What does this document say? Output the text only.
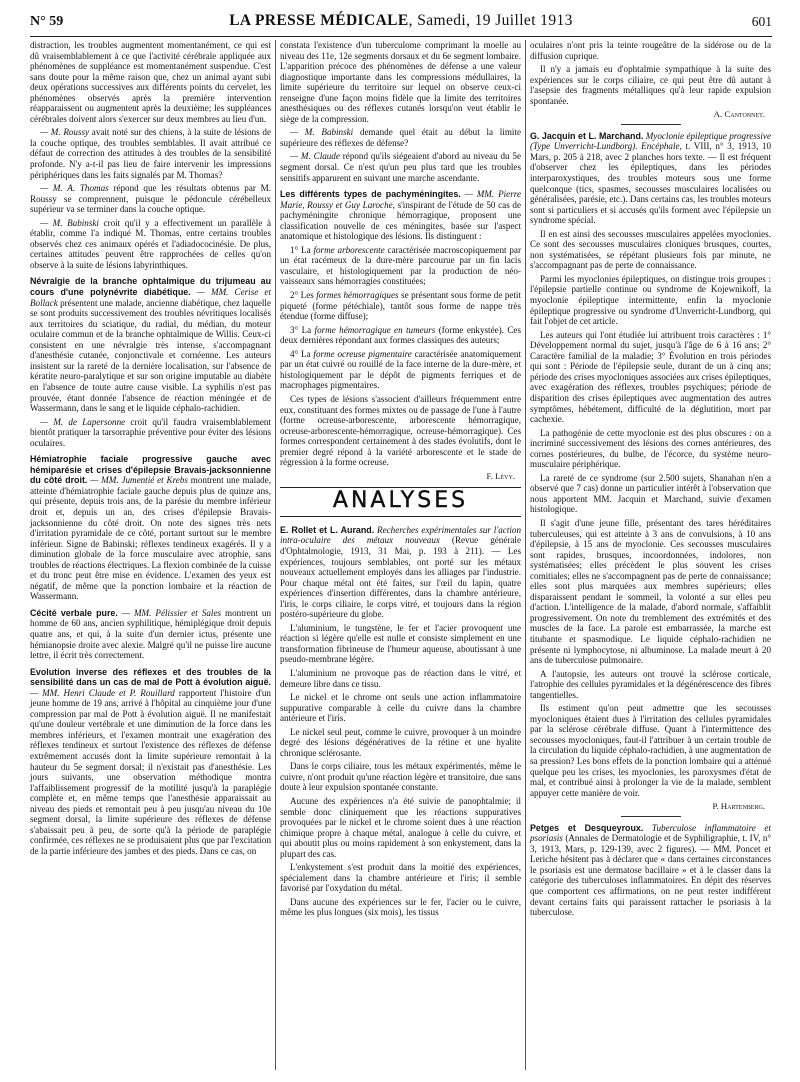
N° 59	LA PRESSE MÉDICALE, Samedi, 19 Juillet 1913	601

distraction, les troubles augmentent momentanément, ce qui est dû vraisemblablement à ce que l'activité cérébrale appliquée aux phénomènes de suppléance est momentanément suspendue. C'est sans doute pour la même raison que, chez un animal ayant subi deux opérations successives aux différents points du cervelet, les phénomènes observés après la première intervention réapparaissent ou augmentent après la deuxième; les suppléances cérébrales doivent alors s'exercer sur deux membres au lieu d'un.

— M. Roussy avait noté sur des chiens, à la suite de lésions de la couche optique, des troubles semblables. Il avait attribué ce défaut de correction des attitudes à des troubles de la sensibilité profonde. N'y a-t-il pas lieu de faire intervenir les impressions périphériques dans les faits signalés par M. Thomas?

— M. A. Thomas répond que les résultats obtenus par M. Roussy se comprennent, puisque le pédoncule cérébelleux supérieur va se terminer dans la couche optique.

— M. Babinski croit qu'il y a effectivement un parallèle à établir, comme l'a indiqué M. Thomas, entre certains troubles observés chez ces animaux opérés et l'adiadococinésie. De plus, certaines attitudes peuvent être rapprochées de celles qu'on observe à la suite de lésions labyrinthiques.

Névralgie de la branche ophtalmique du trijumeau au cours d'une polynévrite diabétique. — MM. Cerise et Bollack présentent une malade, ancienne diabétique, chez laquelle se sont produits successivement des troubles névritiques localisés aux territoires du sciatique, du radial, du médian, du moteur oculaire commun et de la branche ophtalmique de Willis. Ceux-ci consistent en une névralgie très intense, s'accompagnant d'anesthésie cutanée, conjonctivale et cornéenne. Les auteurs insistent sur la rareté de la dernière localisation, sur l'absence de kératite neuro-paralytique et sur son origine imputable au diabète en l'absence de toute autre cause visible. La syphilis n'est pas prouvée, étant donnée l'absence de réaction méningée et de Wassermann, dans le sang et le liquide céphalo-rachidien.

— M. de Lapersonne croit qu'il faudra vraisemblablement bientôt pratiquer la tarsorraphie préventive pour éviter des lésions oculaires.

Hémiatrophie faciale progressive gauche avec hémiparésie et crises d'épilepsie Bravais-jacksonnienne du côté droit. — MM. Jumentié et Krebs montrent une malade, atteinte d'hémiatrophie faciale gauche depuis plus de quinze ans, qui présente, depuis trois ans, de la parésie du membre inférieur droit et, depuis un an, des crises d'épilepsie Bravais-jacksonnienne du côté droit. On note des signes très nets d'irritation pyramidale de ce côté, portant surtout sur le membre inférieur. Signe de Babinski; réflexes tendineux exagérés. Il y a diminution globale de la force musculaire avec atrophie, sans troubles de réactions électriques. La flexion combinée de la cuisse et du tronc peut être mise en évidence. L'examen des yeux est négatif, de même que la ponction lombaire et la réaction de Wassermann.

Cécité verbale pure. — MM. Pélissier et Sales montrent un homme de 60 ans, ancien syphilitique, hémiplégique droit depuis quatre ans, et qui, à la suite d'un dernier ictus, présente une hémianopsie droite avec alexie. Malgré qu'il ne puisse lire aucune lettre, il écrit très correctement.

Evolution inverse des réflexes et des troubles de la sensibilité dans un cas de mal de Pott à évolution aiguë. — MM. Henri Claude et P. Rouillard rapportent l'histoire d'un jeune homme de 19 ans, arrivé à l'hôpital au cinquième jour d'une compression par mal de Pott à évolution aiguë. Il ne manifestait qu'une douleur vertébrale et une diminution de la force dans les membres inférieurs, et l'examen montrait une exagération des réflexes tendineux et surtout l'existence des réflexes de défense extrêmement accusés dont la limite supérieure remontait à la hauteur du 5e segment dorsal; il n'existait pas d'anesthésie. Les jours suivants, une observation méthodique montra l'affaiblissement progressif de la motilité jusqu'à la paraplégie complète et, en même temps que l'anesthésie apparaissait au niveau des pieds et remontait peu à peu jusqu'au niveau du 10e segment dorsal, la limite supérieure des réflexes de défense s'abaissait peu à peu, de sorte qu'à la période de paraplégie confirmée, ces réflexes ne se produisaient plus que par l'excitation de la partie inférieure des jambes et des pieds. Dans ce cas, on

constata l'existence d'un tuberculome comprimant la moelle au niveau des 11e, 12e segments dorsaux et du 6e segment lombaire. L'apparition précoce des phénomènes de défense a une valeur diagnostique importante dans les compressions médullaires, la limite supérieure du territoire sur lequel on observe ceux-ci renseigne d'une façon moins fidèle que la limite des territoires anesthésiques ou des réflexes cutanés lorsqu'on veut établir le siège de la compression.

— M. Babinski demande quel était au début la limite supérieure des réflexes de défense?

— M. Claude répond qu'ils siégeaient d'abord au niveau du 5e segment dorsal. Ce n'est qu'un peu plus tard que les troubles sensitifs apparurent en suivant une marche ascendante.

Les différents types de pachyméningites. — MM. Pierre Marie, Roussy et Guy Laroche, s'inspirant de l'étude de 50 cas de pachyméningite chronique hémorragique, proposent une classification nouvelle de ces méningites, basée sur l'aspect anatomique et histologique des lésions. Ils distinguent :

1° La forme arborescente caractérisée macroscopiquement par un état racémeux de la dure-mère parcourue par un fin lacis vasculaire, et histologiquement par la production de néo-vaisseaux sans hémorragies constituées;

2° Les formes hémorragiques se présentant sous forme de petit piqueté (forme pétéchiale), tantôt sous forme de nappe très étendue (forme diffuse);

3° La forme hémorragique en tumeurs (forme enkystée). Ces deux dernières répondant aux formes classiques des auteurs;

4° La forme ocreuse pigmentaire caractérisée anatomiquement par un état cuivré ou rouillé de la face interne de la dure-mère, et histologiquement par le dépôt de pigments ferriques et de macrophages pigmentaires.

Ces types de lésions s'associent d'ailleurs fréquemment entre eux, constituant des formes mixtes ou de passage de l'une à l'autre (forme ocreuse-arborescente, arborescente hémorragique, ocreuse-arborescente-hémorragique, ocreuse-hémorragique). Ces formes correspondent certainement à des stades évolutifs, dont le premier degré répond à la variété arborescente et le stade de régression à la forme ocreuse.

F. Lévy.
ANALYSES

E. Rollet et L. Aurand. Recherches expérimentales sur l'action intra-oculaire des métaux nouveaux (Revue générale d'Ophtalmologie, 1913, 31 Mai, p. 193 à 211). — Les expériences, toujours semblables, ont porté sur les métaux nouveaux actuellement employés dans les alliages par l'industrie. Pour chaque métal ont été faites, sur l'œil du lapin, quatre expériences d'insertion différentes, dans la chambre antérieure, l'iris, le corps ciliaire, le corps vitré, et toujours dans la région postéro-supérieure du globe.

L'aluminium, le tungstène, le fer et l'acier provoquent une réaction si légère qu'elle est nulle et consiste simplement en une transformation fibrineuse de l'humeur aqueuse, aboutissant à une pseudo-membrane légère.

L'aluminium ne provoque pas de réaction dans le vitré, et demeure libre dans ce tissu.

Le nickel et le chrome ont seuls une action inflammatoire suppurative comparable à celle du cuivre dans la chambre antérieure et l'iris.

Le nickel seul peut, comme le cuivre, provoquer à un moindre degré des lésions dégénératives de la rétine et une hyalite chronique sclérosante.

Dans le corps ciliaire, tous les métaux expérimentés, même le cuivre, n'ont produit qu'une réaction légère et transitoire, due sans doute à leur expulsion spontanée constante.

Aucune des expériences n'a été suivie de panophtalmie; il semble donc cliniquement que les réactions suppuratives provoquées par le nickel et le chrome soient dues à une réaction chimique propre à chaque métal, analogue à celle du cuivre, et qui aboutit plus ou moins rapidement à son enkystement, dans la plupart des cas.

L'enkystement s'est produit dans la moitié des expériences, spécialement dans la chambre antérieure et l'iris; il semble favorisé par l'oxydation du métal.

Dans aucune des expériences sur le fer, l'acier ou le cuivre, même les plus longues (six mois), les tissus

oculaires n'ont pris la teinte rougeâtre de la sidérose ou de la diffusion cuprique.

Il n'y a jamais eu d'ophtalmie sympathique à la suite des expériences sur le corps ciliaire, ce qui peut être dû autant à l'asepsie des fragments métalliques qu'à leur rapide expulsion spontanée.

A. Cantonnet.

G. Jacquin et L. Marchand. Myoclonie épileptique progressive (Type Unverricht-Lundborg). Encéphale, t. VIII, n° 3, 1913, 10 Mars, p. 205 à 218, avec 2 planches hors texte. — Il est fréquent d'observer chez les épileptiques, dans les périodes interparoxystiques, des troubles moteurs sous une forme quelconque (tics, spasmes, secousses musculaires localisées ou généralisées, parésie, etc.). Dans certains cas, les troubles moteurs sont si particuliers et si accusés qu'ils forment avec l'épilepsie un syndrome spécial.

Il en est ainsi des secousses musculaires appelées myoclonies. Ce sont des secousses musculaires cloniques brusques, courtes, non systématisées, se répétant plusieurs fois par minute, ne s'accompagnant pas de perte de connaissance.

Parmi les myoclonies épileptiques, on distingue trois groupes : l'épilepsie partielle continue ou syndrome de Kojewnikoff, la myoclonie épileptique intermittente, enfin la myoclonie épileptique progressive ou syndrome d'Unverricht-Lundborg, qui fait l'objet de cet article.

Les auteurs qui l'ont étudiée lui attribuent trois caractères : 1° Développement normal du sujet, jusqu'à l'âge de 6 à 16 ans; 2° Caractère familial de la maladie; 3° Évolution en trois périodes qui sont : Période de l'épilepsie seule, durant de un à cinq ans; période des crises myocloniques associées aux crises épileptiques, avec exagération des réflexes, troubles psychiques; période de disparition des crises épileptiques avec augmentation des autres symptômes, hébétement, difficulté de la déglutition, mort par cachexie.

La pathogénie de cette myoclonie est des plus obscures : on a incriminé successivement des lésions des cornes antérieures, des cornes postérieures, du bulbe, de l'écorce, du système neuro-musculaire périphérique.

La rareté de ce syndrome (sur 2.500 sujets, Shanahan n'en a observé que 7 cas) donne un particulier intérêt à l'observation que nous apportent MM. Jacquin et Marchand, suivie d'examen histologique.

Il s'agit d'une jeune fille, présentant des tares héréditaires tuberculeuses, qui est atteinte à 3 ans de convulsions, à 10 ans d'épilepsie, à 15 ans de myoclonie. Ces secousses musculaires sont rapides, brusques, incoordonnées, indolores, non systématisées; elles précèdent le plus souvent les crises comitiales; elles ne s'accompagnent pas de perte de connaissance; elles sont plus marquées aux membres supérieurs; elles disparaissent pendant le sommeil, la volonté a sur elles peu d'action. L'intelligence de la malade, d'abord normale, s'affaiblit progressivement. On note du tremblement des extrémités et des muscles de la face. La parole est embarrassée, la marche est titubante et spasmodique. Le liquide céphalo-rachidien ne présente ni lymphocytose, ni albuminose. La malade meurt à 20 ans de tuberculose pulmonaire.

A l'autopsie, les auteurs ont trouvé la sclérose corticale, l'atrophie des cellules pyramidales et la dégénérescence des fibres tangentielles.

Ils estiment qu'on peut admettre que les secousses myocloniques étaient dues à l'irritation des cellules pyramidales par la sclérose cérébrale diffuse. Quant à l'intermittence des secousses myocloniques, faut-il l'attribuer à un certain trouble de la circulation du liquide céphalo-rachidien, à une augmentation de sa pression? Les bons effets de la ponction lombaire qui a atténué quelque peu les crises, les myoclonies, les paroxysmes d'état de mal, et contribué ainsi à prolonger la vie de la malade, semblent appuyer cette manière de voir.

P. Hartenberg.

Petges et Desqueyroux. Tuberculose inflammatoire et psoriasis (Annales de Dermatologie et de Syphiligraphie, t. IV, n° 3, 1913, Mars, p. 129-139, avec 2 figures). — MM. Poncet et Leriche hésitent pas à déclarer que « dans certaines circonstances le psoriasis est une dermatose bacillaire » et à le classer dans la catégorie des tuberculoses inflammatoires. En dépit des réserves que comportent ces affirmations, on ne peut rester indifférent devant certains faits qui paraissent rattacher le psoriasis à la tuberculose.
